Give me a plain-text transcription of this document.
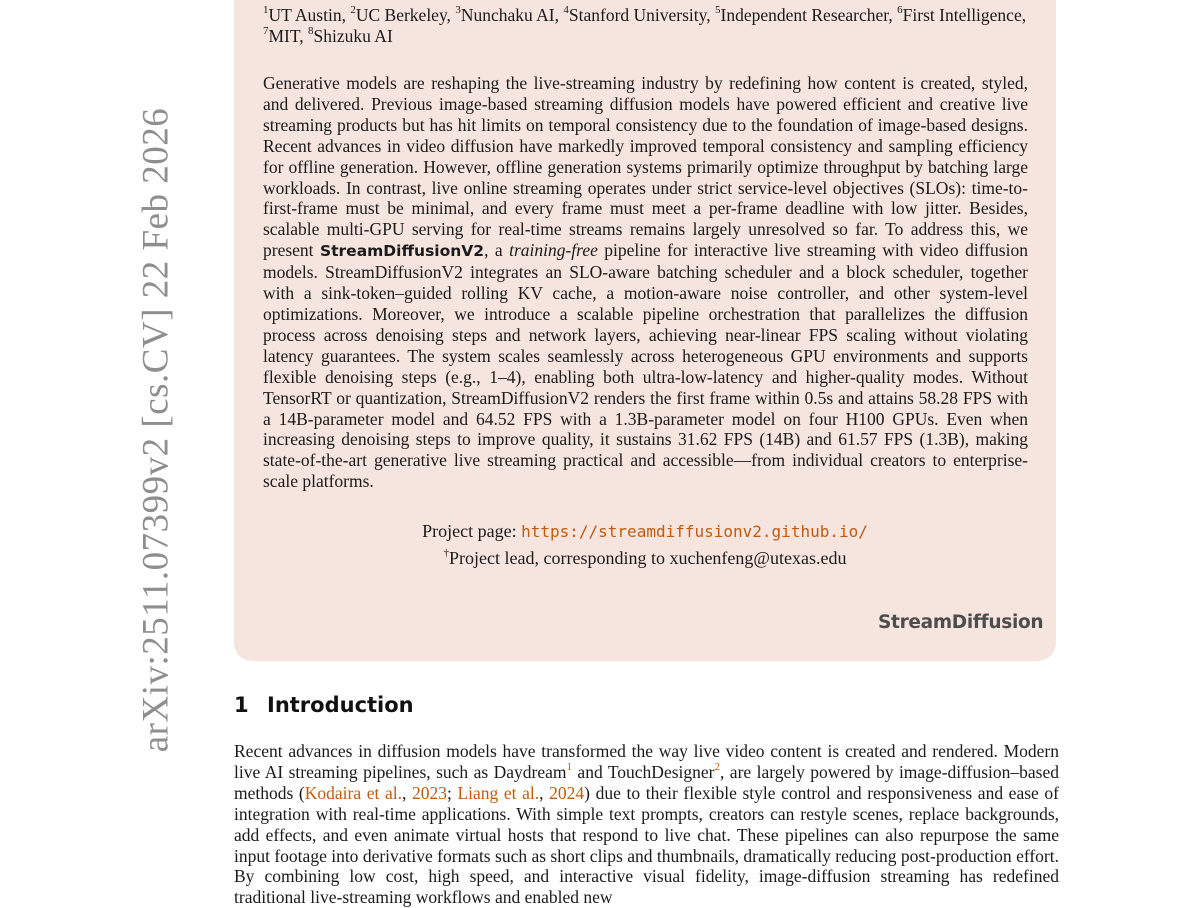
arXiv:2511.07399v2 [cs.CV] 22 Feb 2026
$^1$UT Austin, $^2$UC Berkeley, $^3$Nunchaku AI, $^4$Stanford University, $^5$Independent Researcher, $^6$First Intelligence, $^7$MIT, $^8$Shizuku AI
Generative models are reshaping the live-streaming industry by redefining how content is created, styled, and delivered. Previous image-based streaming diffusion models have powered efficient and creative live streaming products but has hit limits on temporal consistency due to the foundation of image-based designs. Recent advances in video diffusion have markedly improved temporal consistency and sampling efficiency for offline generation. However, offline generation systems primarily optimize throughput by batching large workloads. In contrast, live online streaming operates under strict service-level objectives (SLOs): time-to-first-frame must be minimal, and every frame must meet a per-frame deadline with low jitter. Besides, scalable multi-GPU serving for real-time streams remains largely unresolved so far. To address this, we present StreamDiffusionV2, a training-free pipeline for interactive live streaming with video diffusion models. StreamDiffusionV2 integrates an SLO-aware batching scheduler and a block scheduler, together with a sink-token–guided rolling KV cache, a motion-aware noise controller, and other system-level optimizations. Moreover, we introduce a scalable pipeline orchestration that parallelizes the diffusion process across denoising steps and network layers, achieving near-linear FPS scaling without violating latency guarantees. The system scales seamlessly across heterogeneous GPU environments and supports flexible denoising steps (e.g., 1–4), enabling both ultra-low-latency and higher-quality modes. Without TensorRT or quantization, StreamDiffusionV2 renders the first frame within 0.5s and attains 58.28 FPS with a 14B-parameter model and 64.52 FPS with a 1.3B-parameter model on four H100 GPUs. Even when increasing denoising steps to improve quality, it sustains 31.62 FPS (14B) and 61.57 FPS (1.3B), making state-of-the-art generative live streaming practical and accessible—from individual creators to enterprise-scale platforms.
Project page: https://streamdiffusionv2.github.io/
†Project lead, corresponding to xuchenfeng@utexas.edu
StreamDiffusion
1 Introduction
Recent advances in diffusion models have transformed the way live video content is created and rendered. Modern live AI streaming pipelines, such as Daydream$^1$ and TouchDesigner$^2$, are largely powered by image-diffusion–based methods (Kodaira et al., 2023; Liang et al., 2024) due to their flexible style control and responsiveness and ease of integration with real-time applications. With simple text prompts, creators can restyle scenes, replace backgrounds, add effects, and even animate virtual hosts that respond to live chat. These pipelines can also repurpose the same input footage into derivative formats such as short clips and thumbnails, dramatically reducing post-production effort. By combining low cost, high speed, and interactive visual fidelity, image-diffusion streaming has redefined traditional live-streaming workflows and enabled new
